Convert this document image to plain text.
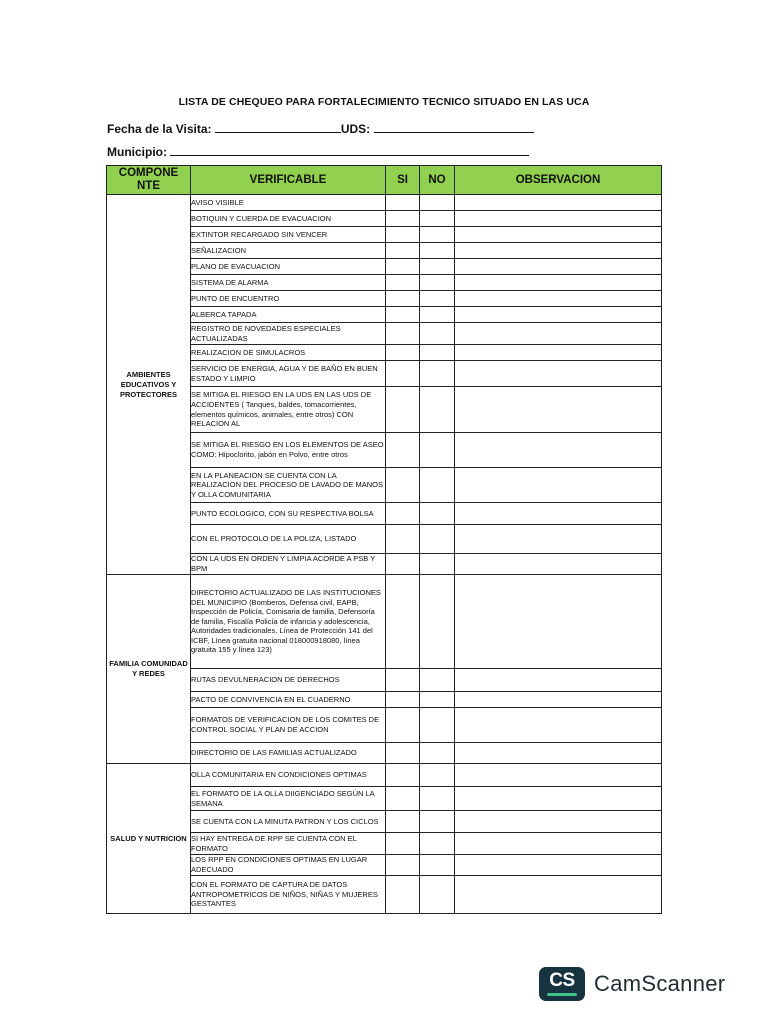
LISTA DE CHEQUEO PARA FORTALECIMIENTO TECNICO SITUADO EN LAS UCA
Fecha de la Visita:	UDS:
Municipio:
COMPONE NTE	VERIFICABLE	SI	NO	OBSERVACION
AMBIENTES EDUCATIVOS Y PROTECTORES	AVISO VISIBLE			
	BOTIQUIN Y CUERDA DE EVACUACION			
	EXTINTOR RECARGADO SIN VENCER			
	SEÑALIZACION			
	PLANO DE EVACUACION			
	SISTEMA DE ALARMA			
	PUNTO DE ENCUENTRO			
	ALBERCA TAPADA			
	REGISTRO DE NOVEDADES ESPECIALES ACTUALIZADAS			
	REALIZACION DE SIMULACROS			
	SERVICIO DE ENERGIA, AGUA Y DE BAÑO EN BUEN ESTADO Y LIMPIO			
	SE MITIGA EL RIESGO EN LA UDS EN LAS UDS DE ACCIDENTES ( Tanques, baldes, tomacorrientes, elementos químicos, animales, entre otros) CON RELACION AL			
	SE MITIGA EL RIESGO EN LOS ELEMENTOS DE ASEO COMO: Hipoclorito, jabón en Polvo, entre otros			
	EN LA PLANEACION SE CUENTA CON LA REALIZACION DEL PROCESO DE LAVADO DE MANOS Y OLLA COMUNITARIA			
	PUNTO ECOLOGICO, CON SU RESPECTIVA BOLSA			
	CON EL PROTOCOLO DE LA POLIZA, LISTADO			
	CON LA UDS EN ORDEN Y LIMPIA ACORDE A PSB Y BPM			
FAMILIA COMUNIDAD Y REDES	DIRECTORIO ACTUALIZADO DE LAS INSTITUCIONES DEL MUNICIPIO (Bomberos, Defensa civil, EAPB, Inspección de Policía, Comisaria de familia, Defensoría de familia, Fiscalía Policía de infancia y adolescencia, Autoridades tradicionales, Línea de Protección 141 del ICBF, Línea gratuita nacional 018000918080, línea gratuita 155 y línea 123)			
	RUTAS DEVULNERACION DE DERECHOS			
	PACTO DE CONVIVENCIA EN EL CUADERNO			
	FORMATOS DE VERIFICACION DE LOS COMITES DE CONTROL SOCIAL Y PLAN DE ACCION			
	DIRECTORIO DE LAS FAMILIAS ACTUALIZADO			
SALUD Y NUTRICION	OLLA COMUNITARIA EN CONDICIONES OPTIMAS			
	EL FORMATO DE LA OLLA DIIGENCIADO SEGÚN LA SEMANA			
	SE CUENTA CON LA MINUTA PATRON Y LOS CICLOS			
	SI HAY ENTREGA DE RPP SE CUENTA CON EL FORMATO			
	LOS RPP EN CONDICIONES OPTIMAS EN LUGAR ADECUADO			
	CON EL FORMATO DE CAPTURA DE DATOS ANTROPOMETRICOS DE NIÑOS, NIÑAS Y MUJERES GESTANTES			
CS CamScanner
